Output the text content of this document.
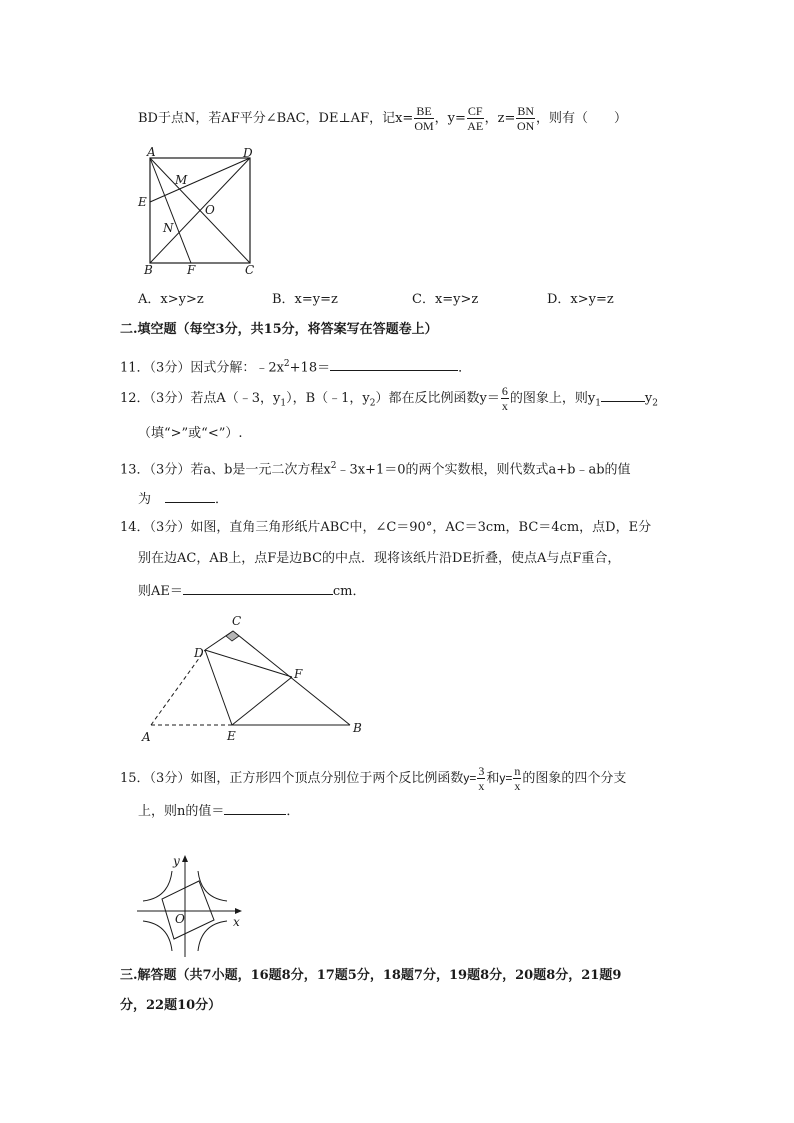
BD于点N，若AF平分∠BAC，DE⊥AF，记$x= \frac{BE}{OM}$ ，$y= \frac{CF}{AE}$ ，$z= \frac{BN}{ON}$ ，则有（　　）
A	D
M
E
O
N
B	F	C
A．x>y>z	B．x=y=z	C．x=y>z	D．x>y=z
二.填空题（每空3分，共15分，将答案写在答题卷上）
11．（3分）因式分解：$﹣2x^2+18=$	．
12．（3分）若点A（﹣3，$y_1$），B（﹣1，$y_2$）都在反比例函数$y= \frac{6}{x}$ 的图象上，则$y_1$	$y_2$
（填“>”或“<”）.
13．（3分）若a、b是一元二次方程$x^2﹣3x+1=0$的两个实数根，则代数式a+b﹣ab的值
为	．
14．（3分）如图，直角三角形纸片ABC中，∠C＝90°，AC＝3cm，BC＝4cm，点D，E分
别在边AC，AB上，点F是边BC的中点．现将该纸片沿DE折叠，使点A与点F重合，
则AE＝	cm．
C
D
F
A	E
B
15．（3分）如图，正方形四个顶点分别位于两个反比例函数$y= \frac{3}{x}$ 和$y= \frac{n}{x}$ 的图象的四个分支
上，则n的值＝	．
y
O	x
三.解答题（共7小题，16题8分，17题5分，18题7分，19题8分，20题8分，21题9
分，22题10分）
